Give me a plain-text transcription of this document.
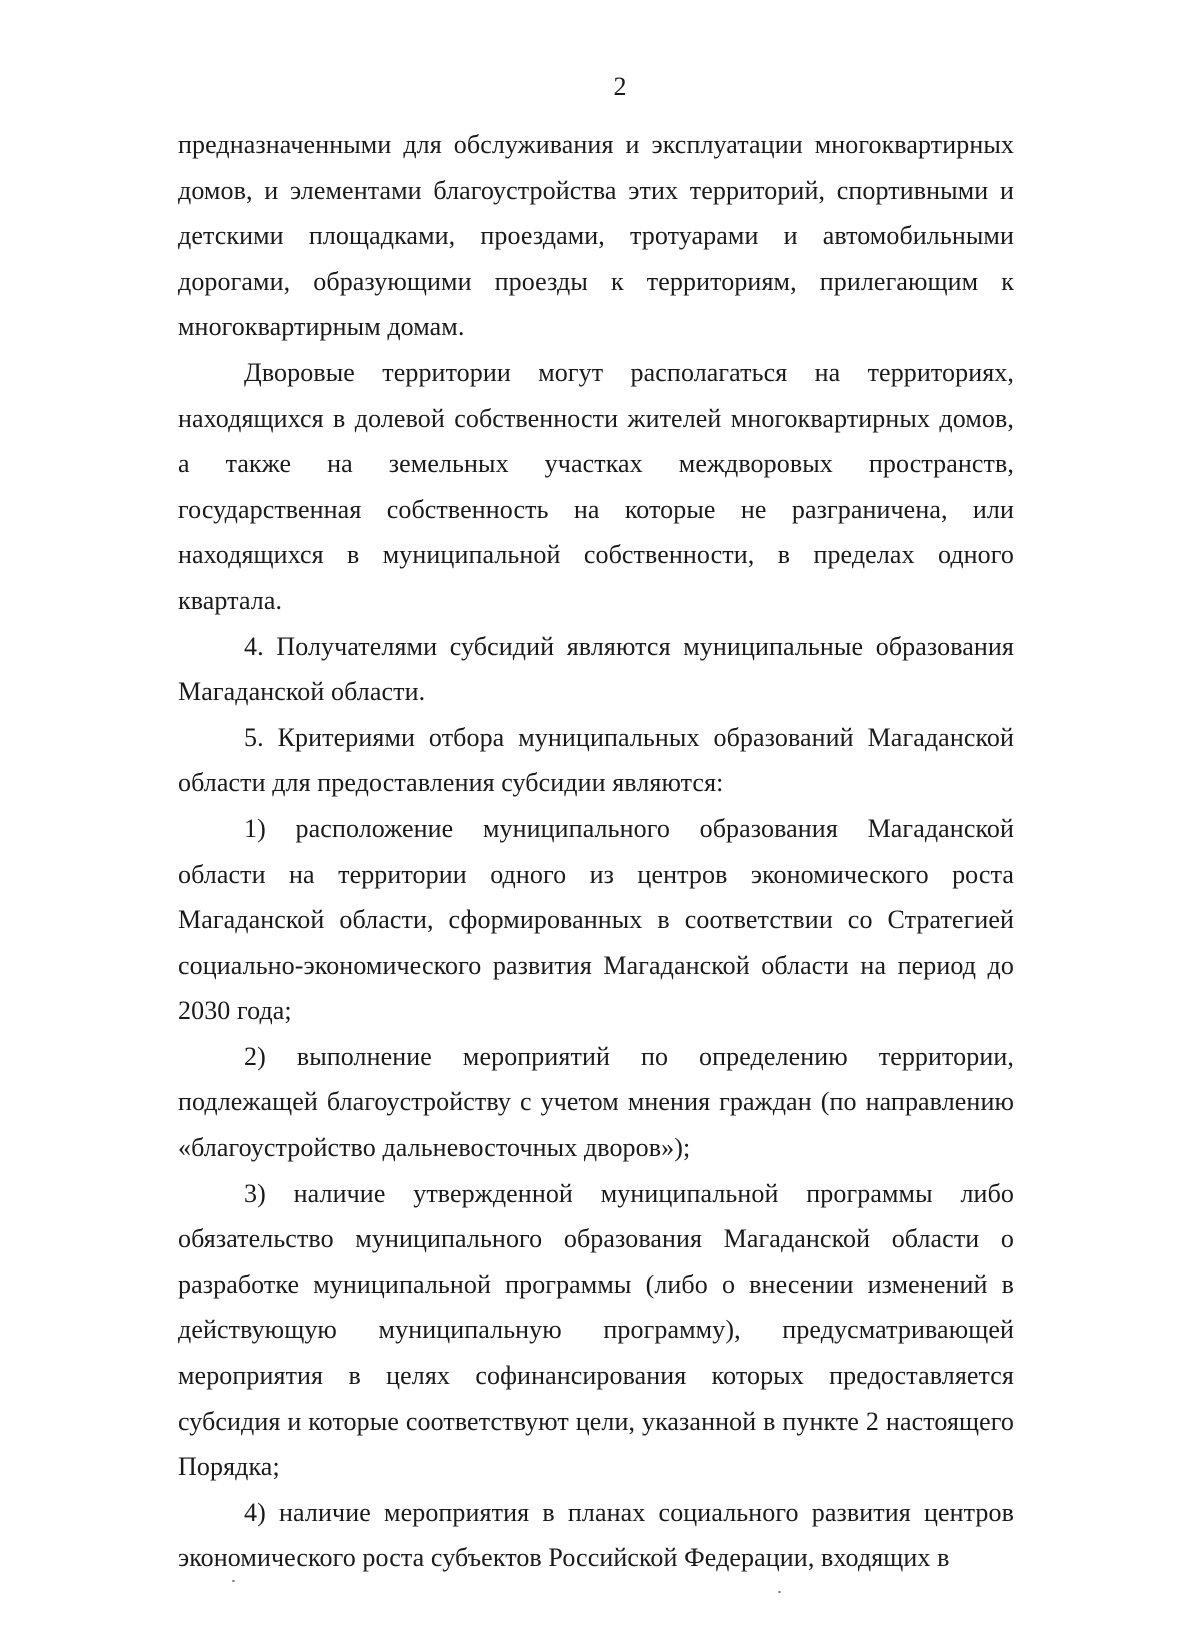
2

предназначенными для обслуживания и эксплуатации многоквартирных домов, и элементами благоустройства этих территорий, спортивными и детскими площадками, проездами, тротуарами и автомобильными дорогами, образующими проезды к территориям, прилегающим к многоквартирным домам.

Дворовые территории могут располагаться на территориях, находящихся в долевой собственности жителей многоквартирных домов, а также на земельных участках междворовых пространств, государственная собственность на которые не разграничена, или находящихся в муниципальной собственности, в пределах одного квартала.

4. Получателями субсидий являются муниципальные образования Магаданской области.

5. Критериями отбора муниципальных образований Магаданской области для предоставления субсидии являются:

1) расположение муниципального образования Магаданской области на территории одного из центров экономического роста Магаданской области, сформированных в соответствии со Стратегией социально-экономического развития Магаданской области на период до 2030 года;

2) выполнение мероприятий по определению территории, подлежащей благоустройству с учетом мнения граждан (по направлению «благоустройство дальневосточных дворов»);

3) наличие утвержденной муниципальной программы либо обязательство муниципального образования Магаданской области о разработке муниципальной программы (либо о внесении изменений в действующую муниципальную программу), предусматривающей мероприятия в целях софинансирования которых предоставляется субсидия и которые соответствуют цели, указанной в пункте 2 настоящего Порядка;

4) наличие мероприятия в планах социального развития центров экономического роста субъектов Российской Федерации, входящих в
